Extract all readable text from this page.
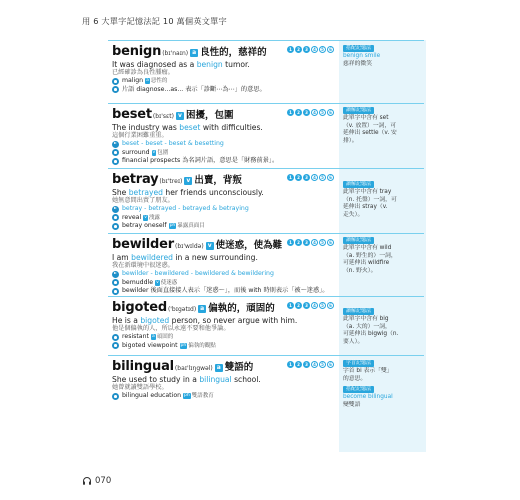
用 6 大單字記憶法記 10 萬個英文單字
benign (bɪ'naɪn) a 良性的，慈祥的
It was diagnosed as a benign tumor.
已經確診為良性腫瘤。
malign a 惡性的
片語 diagnose...as... 表示「診斷⋯為⋯」的意思。
1	2	3	4	5	6	搭配記憶法
benign smile
慈祥的微笑
beset (bɪ'sɛt) v 困擾，包圍
The industry was beset with difficulties.
這個行業困難重重。
beset - beset - beset & besetting
surround v 包圍
financial prospects 為名詞片語，意思是「財務前景」。
1	2	3	4	5	6	讀解記憶法
此單字中含有 set
（v. 放置）一詞，可
延伸出 settle（v. 安
排）。
betray (bɪ'treɪ) v 出賣，背叛
She betrayed her friends unconsciously.
她無意間出賣了朋友。
betray - betrayed - betrayed & betraying
reveal v 洩露
betray oneself ph 暴露真面目
1	2	3	4	5	6
讀解記憶法
此單字中含有 tray
（n. 托盤）一詞，可
延伸出 stray（v.
走失）。
bewilder (bɪ'wɪldə) v 使迷惑，使為難
I am bewildered in a new surrounding.
我在新環境中很迷惑。
bewilder - bewildered - bewildered & bewildering
bemuddle v 使迷惑
bewilder 後面直接接人表示「迷惑～」，而後 with 時則表示「被～迷惑」。
1	2	3	4	5	6	讀解記憶法
此單字中含有 wild
（a. 野生的）一詞，
可延伸出 wildfire
（n. 野火）。
bigoted ('bɪgətɪd) a 偏執的，頑固的
He is a bigoted person, so never argue with him.
他是個偏執的人，所以永遠不要和他爭論。
resistant a 頑固的
bigoted viewpoint ph 偏執的觀點
1	2	3	4	5	6
讀解記憶法
此單字中含有 big
（a. 大的）一詞，
可延伸出 bigwig（n.
要人）。
bilingual (baɪ'lɪŋgwəl) a 雙語的
She used to study in a bilingual school.
她曾就讀雙語學校。
bilingual education ph 雙語教育
1	2	3	4	5	6	字首記憶法
字首 bi 表示「雙」
的意思。
搭配記憶法
become bilingual
變雙語
070
